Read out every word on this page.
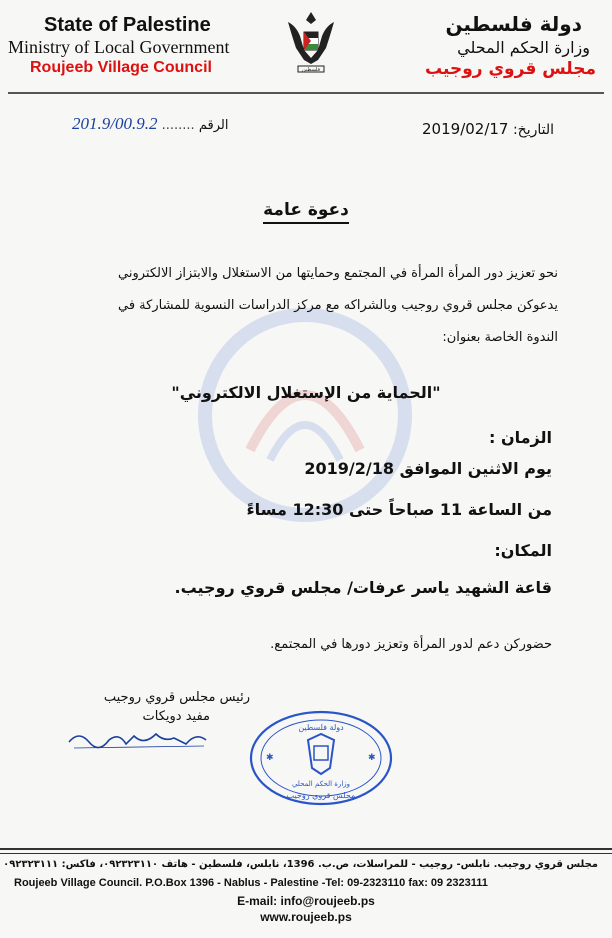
State of Palestine
Ministry of Local Government
Roujeeb Village Council	فلسطين
دولة فلسطين
وزارة الحكم المحلي
مجلس قروي روجيب
الرقم ........ 201.9/00.9.2	التاريخ: 2019/02/17
دعوة عامة
نحو تعزيز دور المرأة المرأة في المجتمع وحمايتها من الاستغلال والابتزاز الالكتروني
يدعوكن مجلس قروي روجيب وبالشراكه مع مركز الدراسات النسوية للمشاركة في
الندوة الخاصة بعنوان:
"الحماية من الإستغلال الالكتروني"
الزمان :
يوم الاثنين الموافق 2019/2/18
من الساعة 11 صباحاً حتى 12:30 مساءً
المكان:
قاعة الشهيد ياسر عرفات/ مجلس قروي روجيب.
حضوركن دعم لدور المرأة وتعزيز دورها في المجتمع.
رئيس مجلس قروي روجيب
مفيد دويكات
✱	✱
دولة فلسطين
وزارة الحكم المحلي
مجلس قروي روجيب
مجلس قروي روجيب. نابلس- روجيب - للمراسلات، ص.ب. 1396، نابلس، فلسطين - هاتف ٠٩٢٣٢٣١١٠، فاكس: ٠٩٢٣٢٣١١١
Roujeeb Village Council. P.O.Box 1396 - Nablus - Palestine -Tel: 09-2323110 fax: 09 2323111
E-mail: info@roujeeb.ps
www.roujeeb.ps
